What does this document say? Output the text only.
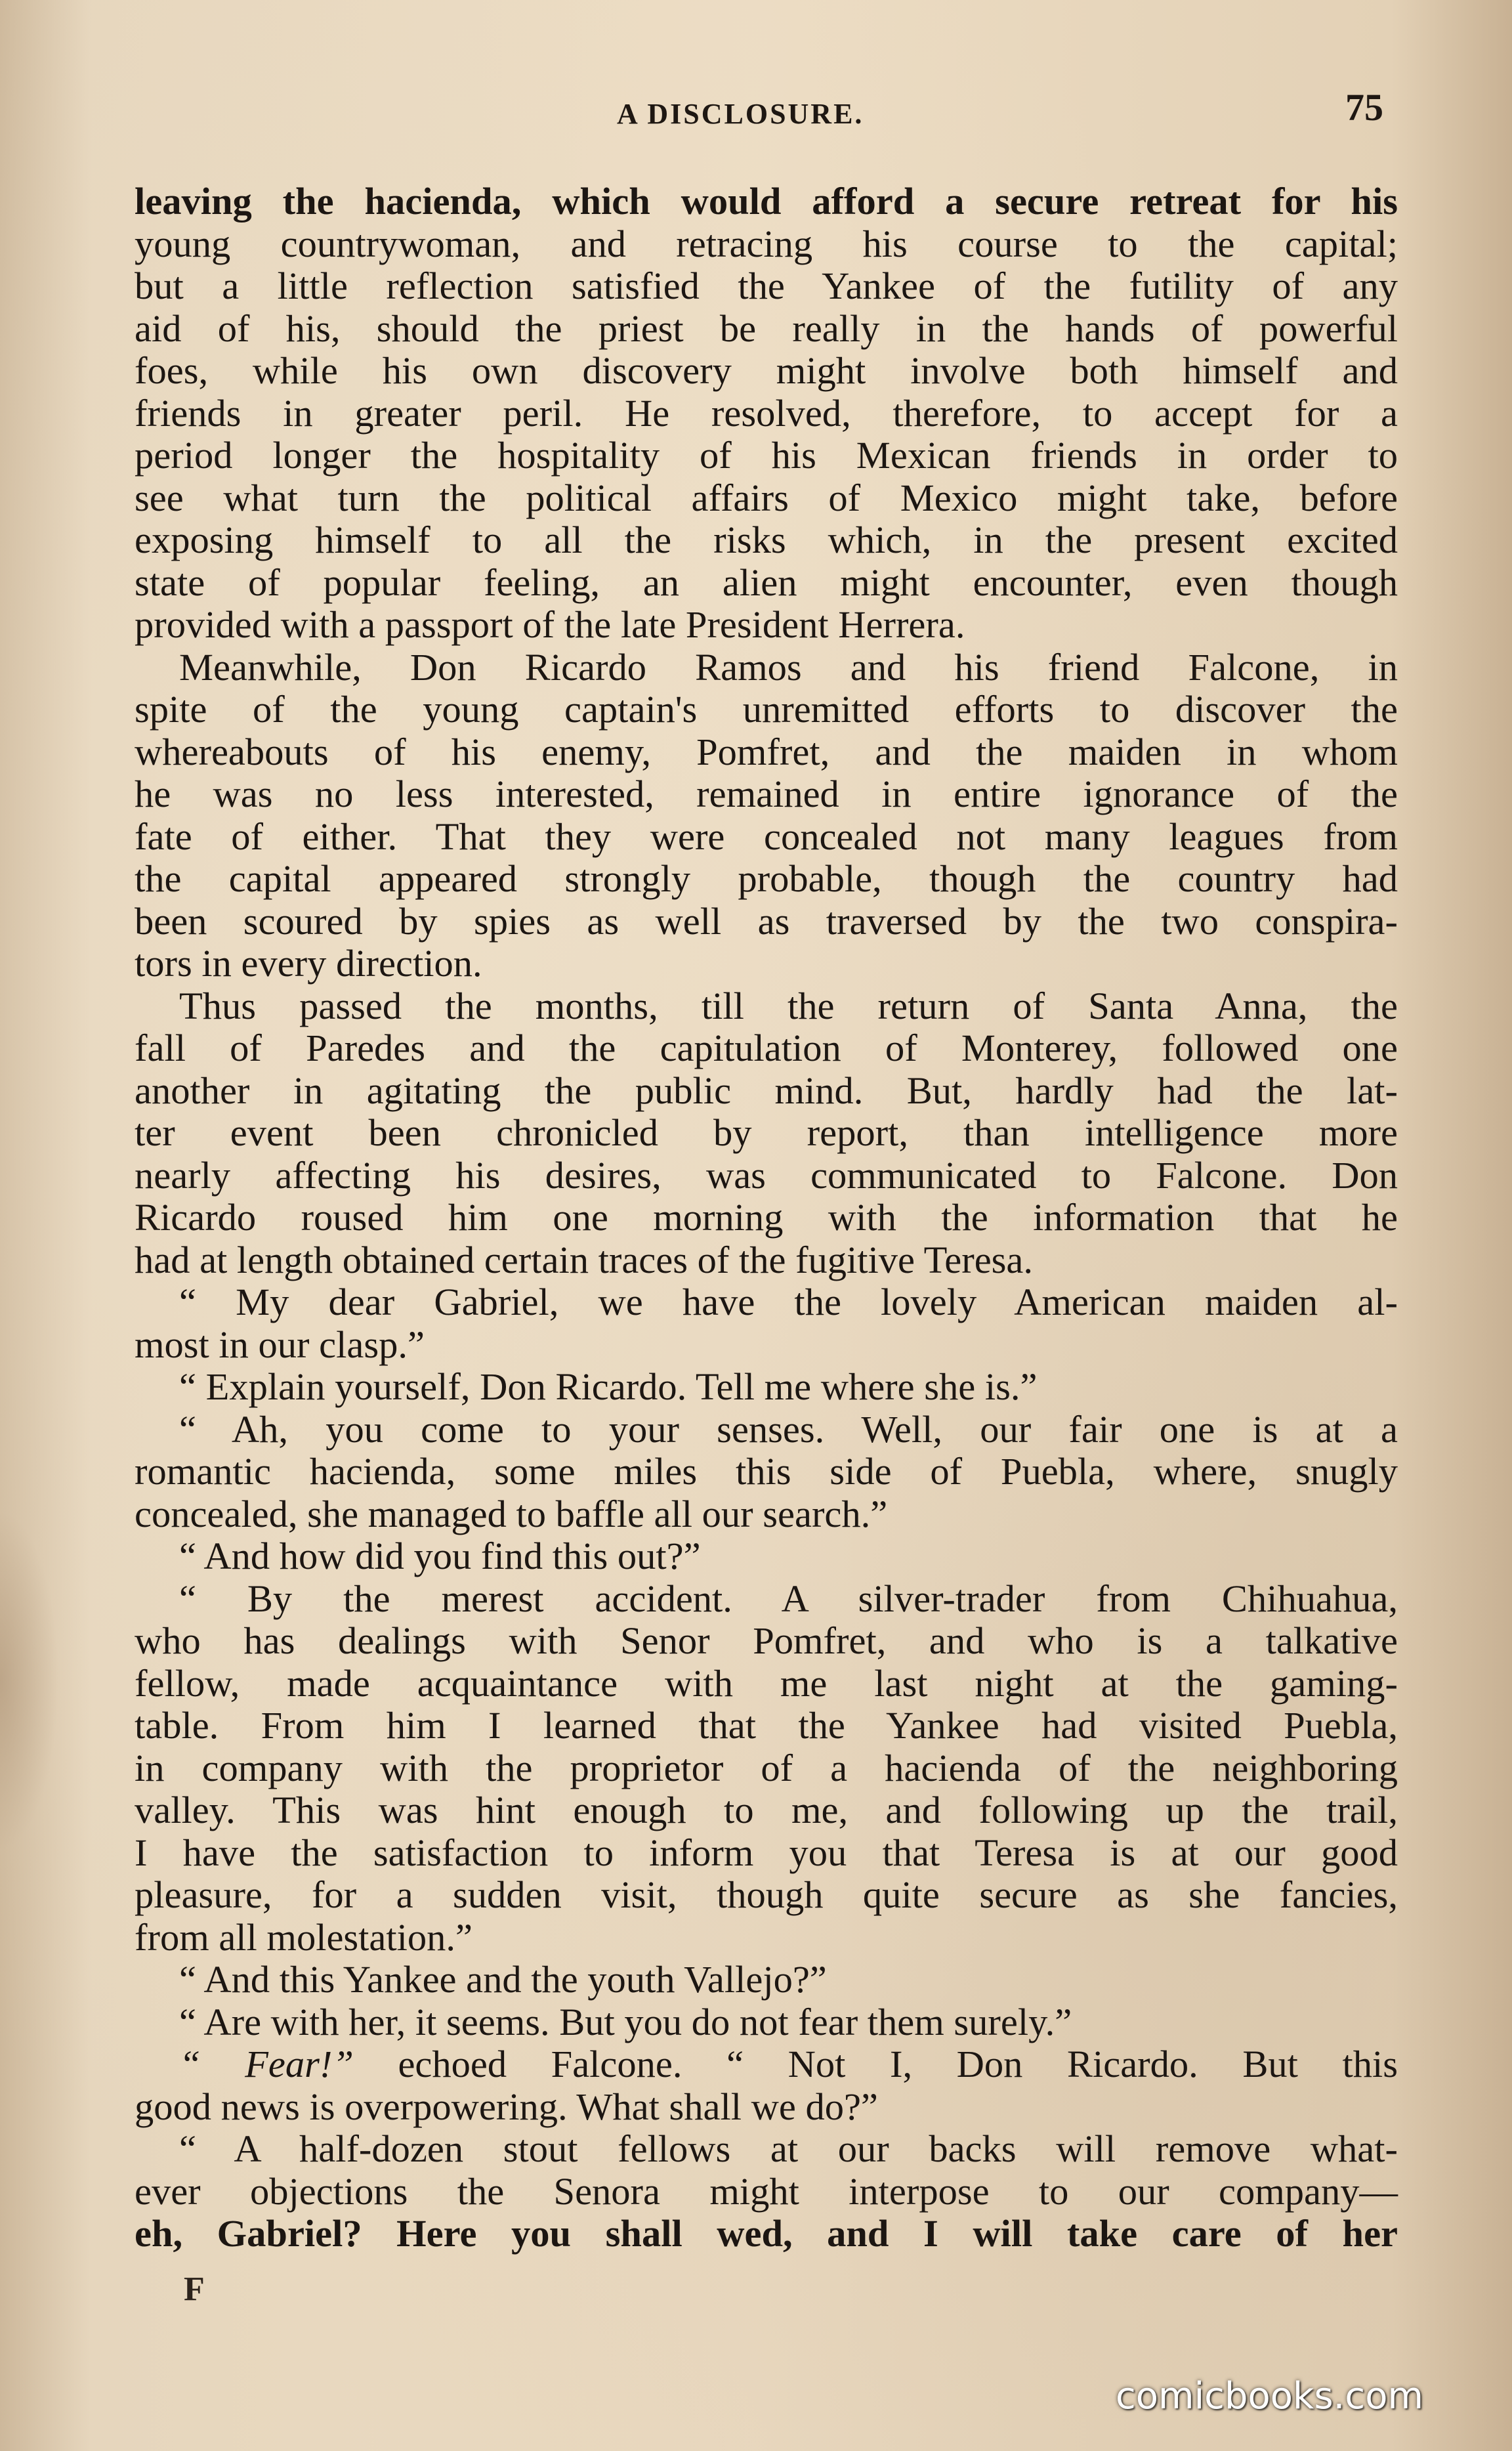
A DISCLOSURE.	75
leaving the hacienda, which would afford a secure retreat for his
young countrywoman, and retracing his course to the capital;
but a little reflection satisfied the Yankee of the futility of any
aid of his, should the priest be really in the hands of powerful
foes, while his own discovery might involve both himself and
friends in greater peril. He resolved, therefore, to accept for a
period longer the hospitality of his Mexican friends in order to
see what turn the political affairs of Mexico might take, before
exposing himself to all the risks which, in the present excited
state of popular feeling, an alien might encounter, even though
provided with a passport of the late President Herrera.
Meanwhile, Don Ricardo Ramos and his friend Falcone, in
spite of the young captain's unremitted efforts to discover the
whereabouts of his enemy, Pomfret, and the maiden in whom
he was no less interested, remained in entire ignorance of the
fate of either. That they were concealed not many leagues from
the capital appeared strongly probable, though the country had
been scoured by spies as well as traversed by the two conspira-
tors in every direction.
Thus passed the months, till the return of Santa Anna, the
fall of Paredes and the capitulation of Monterey, followed one
another in agitating the public mind. But, hardly had the lat-
ter event been chronicled by report, than intelligence more
nearly affecting his desires, was communicated to Falcone. Don
Ricardo roused him one morning with the information that he
had at length obtained certain traces of the fugitive Teresa.
“ My dear Gabriel, we have the lovely American maiden al-
most in our clasp.”
“ Explain yourself, Don Ricardo. Tell me where she is.”
“ Ah, you come to your senses. Well, our fair one is at a
romantic hacienda, some miles this side of Puebla, where, snugly
concealed, she managed to baffle all our search.”
“ And how did you find this out?”
“ By the merest accident. A silver-trader from Chihuahua,
who has dealings with Senor Pomfret, and who is a talkative
fellow, made acquaintance with me last night at the gaming-
table. From him I learned that the Yankee had visited Puebla,
in company with the proprietor of a hacienda of the neighboring
valley. This was hint enough to me, and following up the trail,
I have the satisfaction to inform you that Teresa is at our good
pleasure, for a sudden visit, though quite secure as she fancies,
from all molestation.”
“ And this Yankee and the youth Vallejo?”
“ Are with her, it seems. But you do not fear them surely.”
“ Fear!” echoed Falcone. “ Not I, Don Ricardo. But this
good news is overpowering. What shall we do?”
“ A half-dozen stout fellows at our backs will remove what-
ever objections the Senora might interpose to our company—
eh, Gabriel? Here you shall wed, and I will take care of her
F
comicbooks.com
